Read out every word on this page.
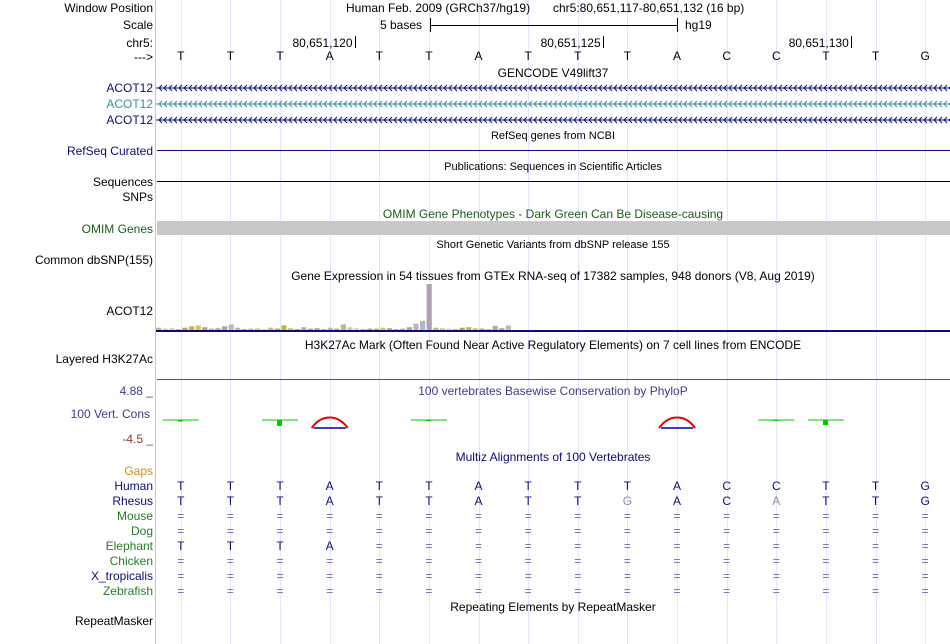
Window Position	Human Feb. 2009 (GRCh37/hg19) chr5:80,651,117-80,651,132 (16 bp)
Scale	5 bases	hg19
chr5:	80,651,120	80,651,125	80,651,130
--->	T	T	T	A	T	T	A	T	T	T	A	C	C	T	T	G
GENCODE V49lift37
ACOT12
ACOT12
ACOT12
RefSeq genes from NCBI
RefSeq Curated
Publications: Sequences in Scientific Articles
Sequences
SNPs
OMIM Gene Phenotypes - Dark Green Can Be Disease-causing
OMIM Genes
Short Genetic Variants from dbSNP release 155
Common dbSNP(155)
Gene Expression in 54 tissues from GTEx RNA-seq of 17382 samples, 948 donors (V8, Aug 2019)
ACOT12
H3K27Ac Mark (Often Found Near Active Regulatory Elements) on 7 cell lines from ENCODE
Layered H3K27Ac
100 vertebrates Basewise Conservation by PhyloP
4.88 _
100 Vert. Cons
-4.5 _
Multiz Alignments of 100 Vertebrates
Gaps
Human	T	T	T	A	T	T	A	T	T	T	A	C	C	T	T	G
Rhesus	T	T	T	A	T	T	A	T	T	G	A	C	A	T	T	G
Mouse	=	=	=	=	=	=	=	=	=	=	=	=	=	=	=	=
Dog	=	=	=	=	=	=	=	=	=	=	=	=	=	=	=	=
Elephant	T	T	T	A	=	=	=	=	=	=	=	=	=	=	=	=
Chicken	=	=	=	=	=	=	=	=	=	=	=	=	=	=	=	=
X_tropicalis	=	=	=	=	=	=	=	=	=	=	=	=	=	=	=	=
Zebrafish	=	=	=	=	=	=	=	=	=	=	=	=	=	=	=	=
Repeating Elements by RepeatMasker
RepeatMasker
